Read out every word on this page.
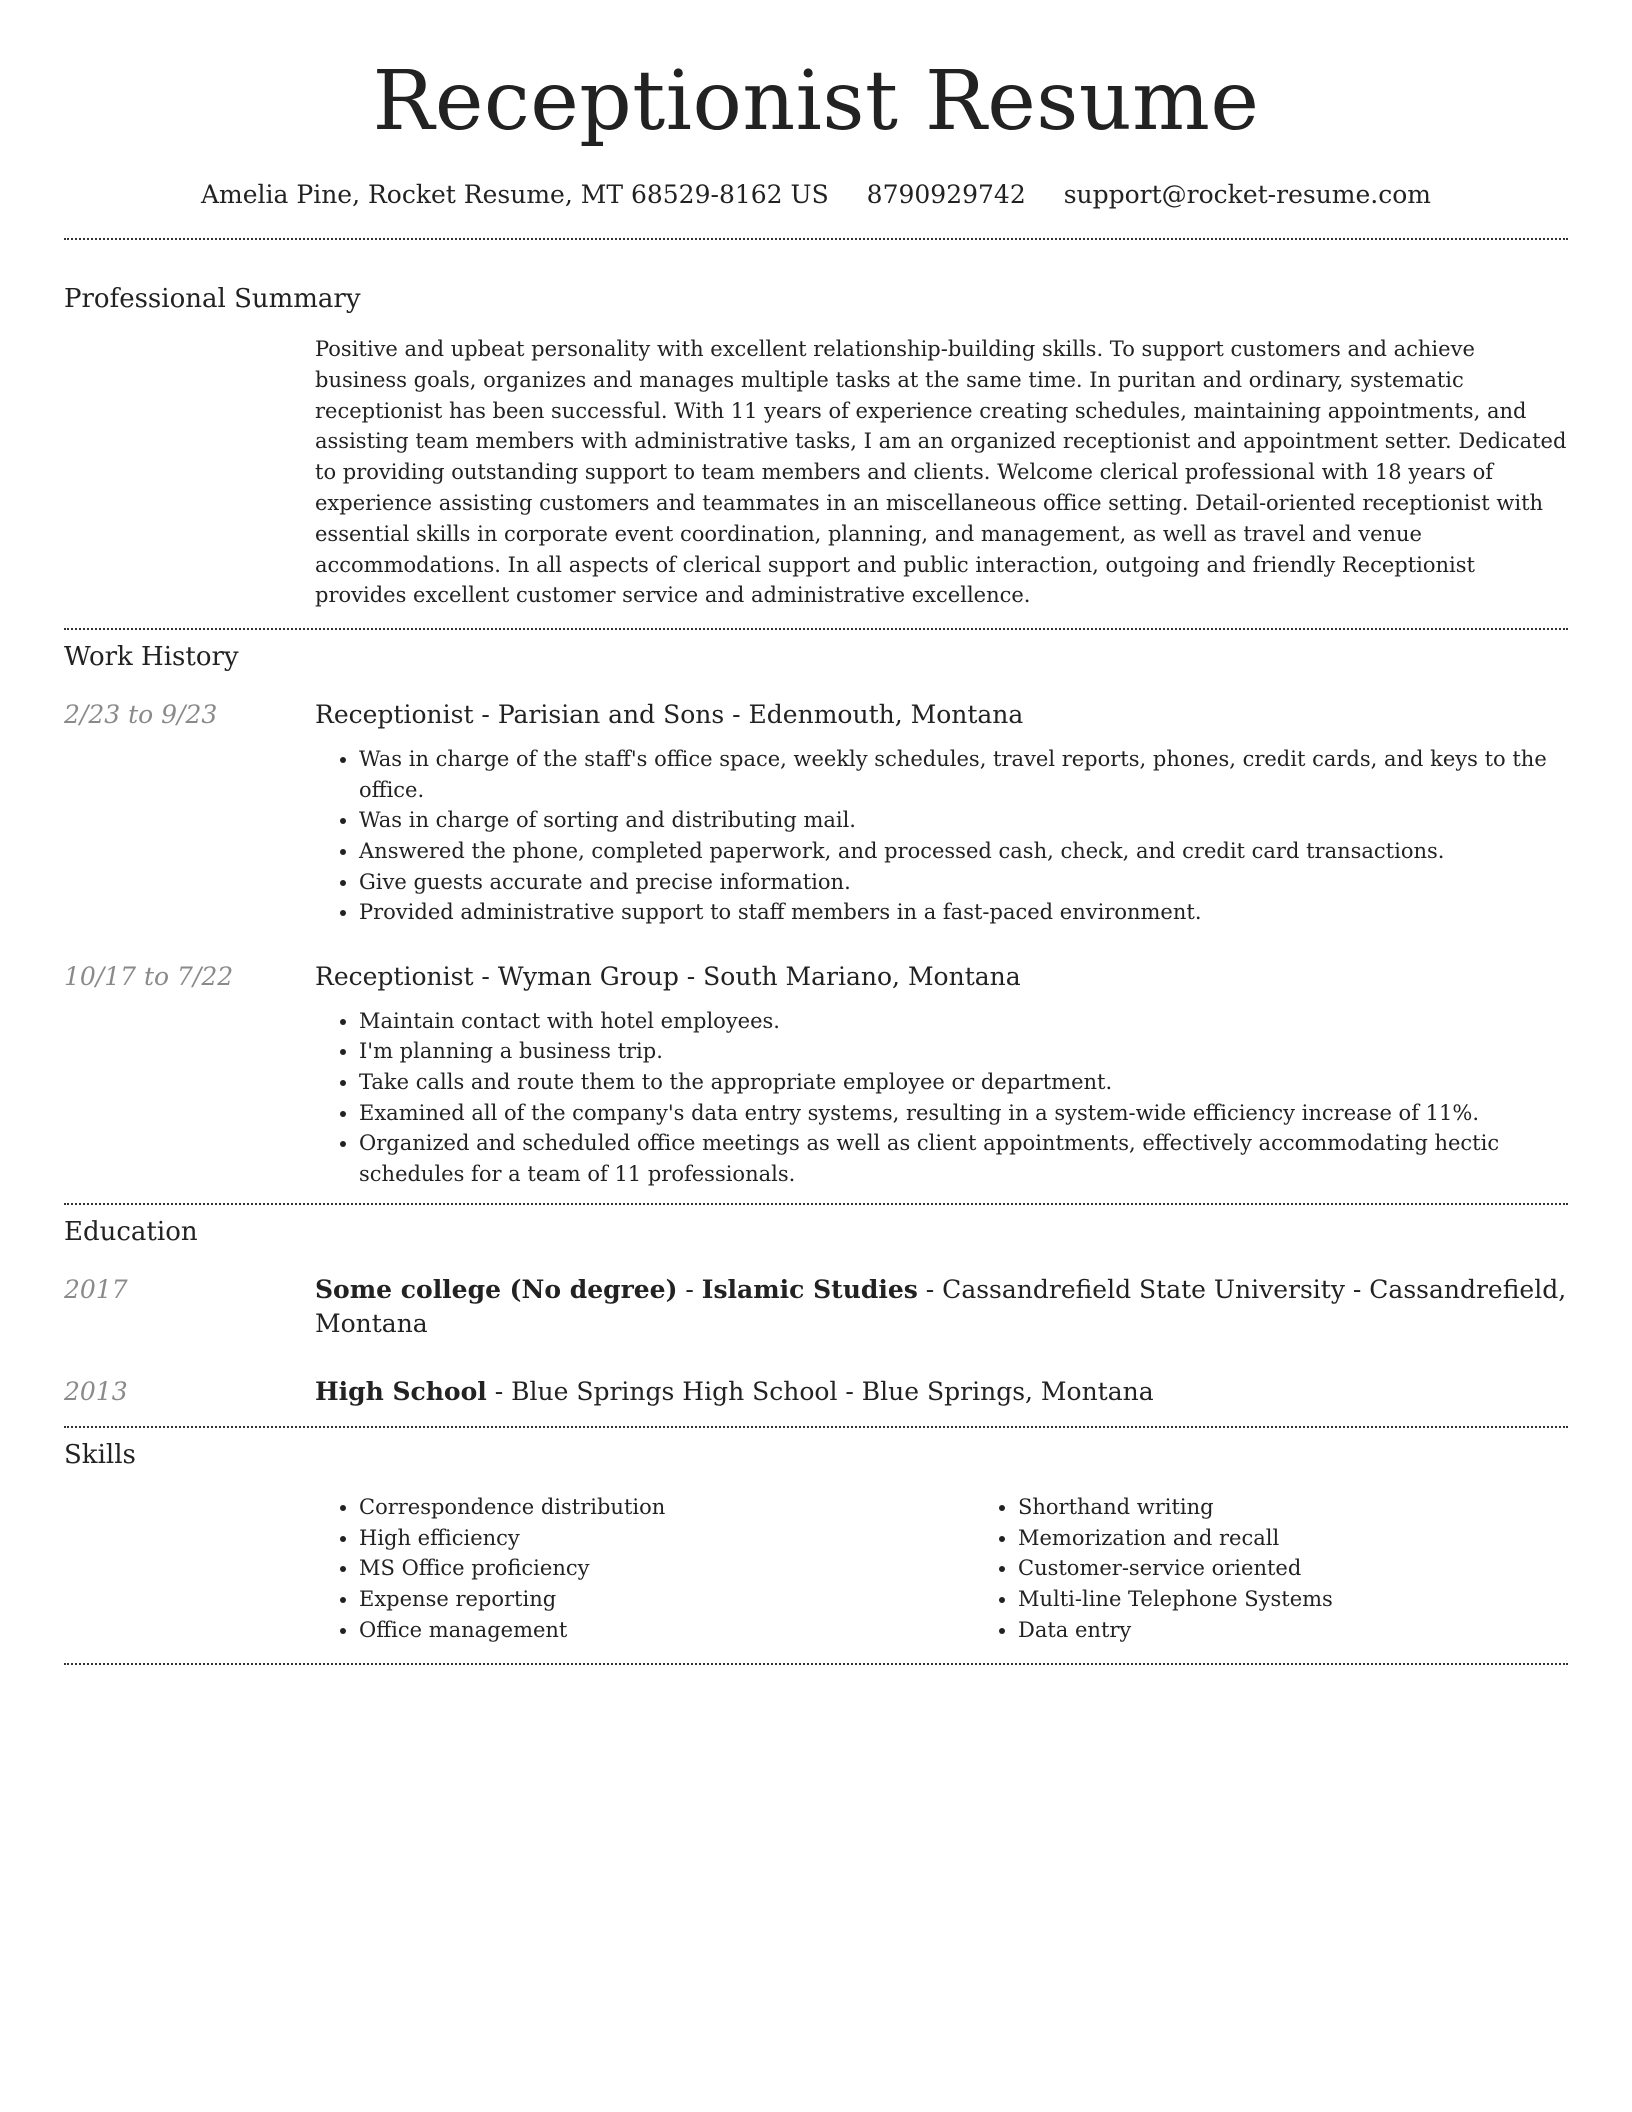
Receptionist Resume
Amelia Pine, Rocket Resume, MT 68529-8162 US 8790929742 support@rocket-resume.com
Professional Summary

Positive and upbeat personality with excellent relationship-building skills. To support customers and achieve business goals, organizes and manages multiple tasks at the same time. In puritan and ordinary, systematic receptionist has been successful. With 11 years of experience creating schedules, maintaining appointments, and assisting team members with administrative tasks, I am an organized receptionist and appointment setter. Dedicated to providing outstanding support to team members and clients. Welcome clerical professional with 18 years of experience assisting customers and teammates in an miscellaneous office setting. Detail-oriented receptionist with essential skills in corporate event coordination, planning, and management, as well as travel and venue accommodations. In all aspects of clerical support and public interaction, outgoing and friendly Receptionist provides excellent customer service and administrative excellence.

Work History
2/23 to 9/23	Receptionist - Parisian and Sons - Edenmouth, Montana
• Was in charge of the staff's office space, weekly schedules, travel reports, phones, credit cards, and keys to the office.
• Was in charge of sorting and distributing mail.
• Answered the phone, completed paperwork, and processed cash, check, and credit card transactions.
• Give guests accurate and precise information.
• Provided administrative support to staff members in a fast-paced environment.
10/17 to 7/22	Receptionist - Wyman Group - South Mariano, Montana
• Maintain contact with hotel employees.
• I'm planning a business trip.
• Take calls and route them to the appropriate employee or department.
• Examined all of the company's data entry systems, resulting in a system-wide efficiency increase of 11%.
• Organized and scheduled office meetings as well as client appointments, effectively accommodating hectic schedules for a team of 11 professionals.
Education
2017	Some college (No degree) - Islamic Studies - Cassandrefield State University - Cassandrefield, Montana
2013	High School - Blue Springs High School - Blue Springs, Montana
Skills
• Correspondence distribution
• High efficiency
• MS Office proficiency
• Expense reporting
• Office management
• Shorthand writing
• Memorization and recall
• Customer-service oriented
• Multi-line Telephone Systems
• Data entry
